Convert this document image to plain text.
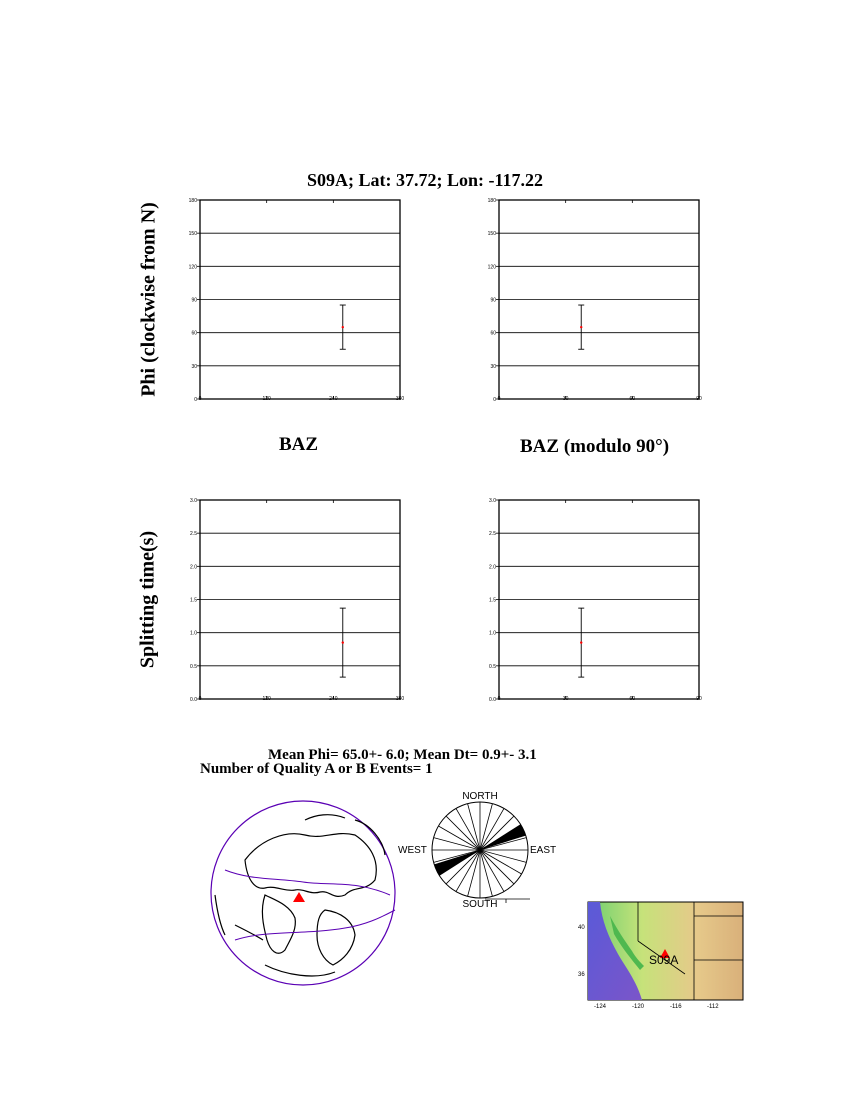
S09A; Lat: 37.72; Lon: -117.22
Phi (clockwise from N)
Splitting time(s)
BAZ	BAZ (modulo 90°)
0
30
60
90
120
150
180
0	120	240	360	0
30
60
90
120
150
180
0	30	60	90
0.0
0.5
1.0
1.5
2.0
2.5
3.0
0	120	240	360	0.0
0.5
1.0
1.5
2.0
2.5
3.0
0	30	60	90
Mean Phi= 65.0+- 6.0; Mean Dt= 0.9+- 3.1
Number of Quality A or B Events= 1
NORTH
SOUTH
EAST
WEST
S09A
40
36
-124	-120	-116	-112
